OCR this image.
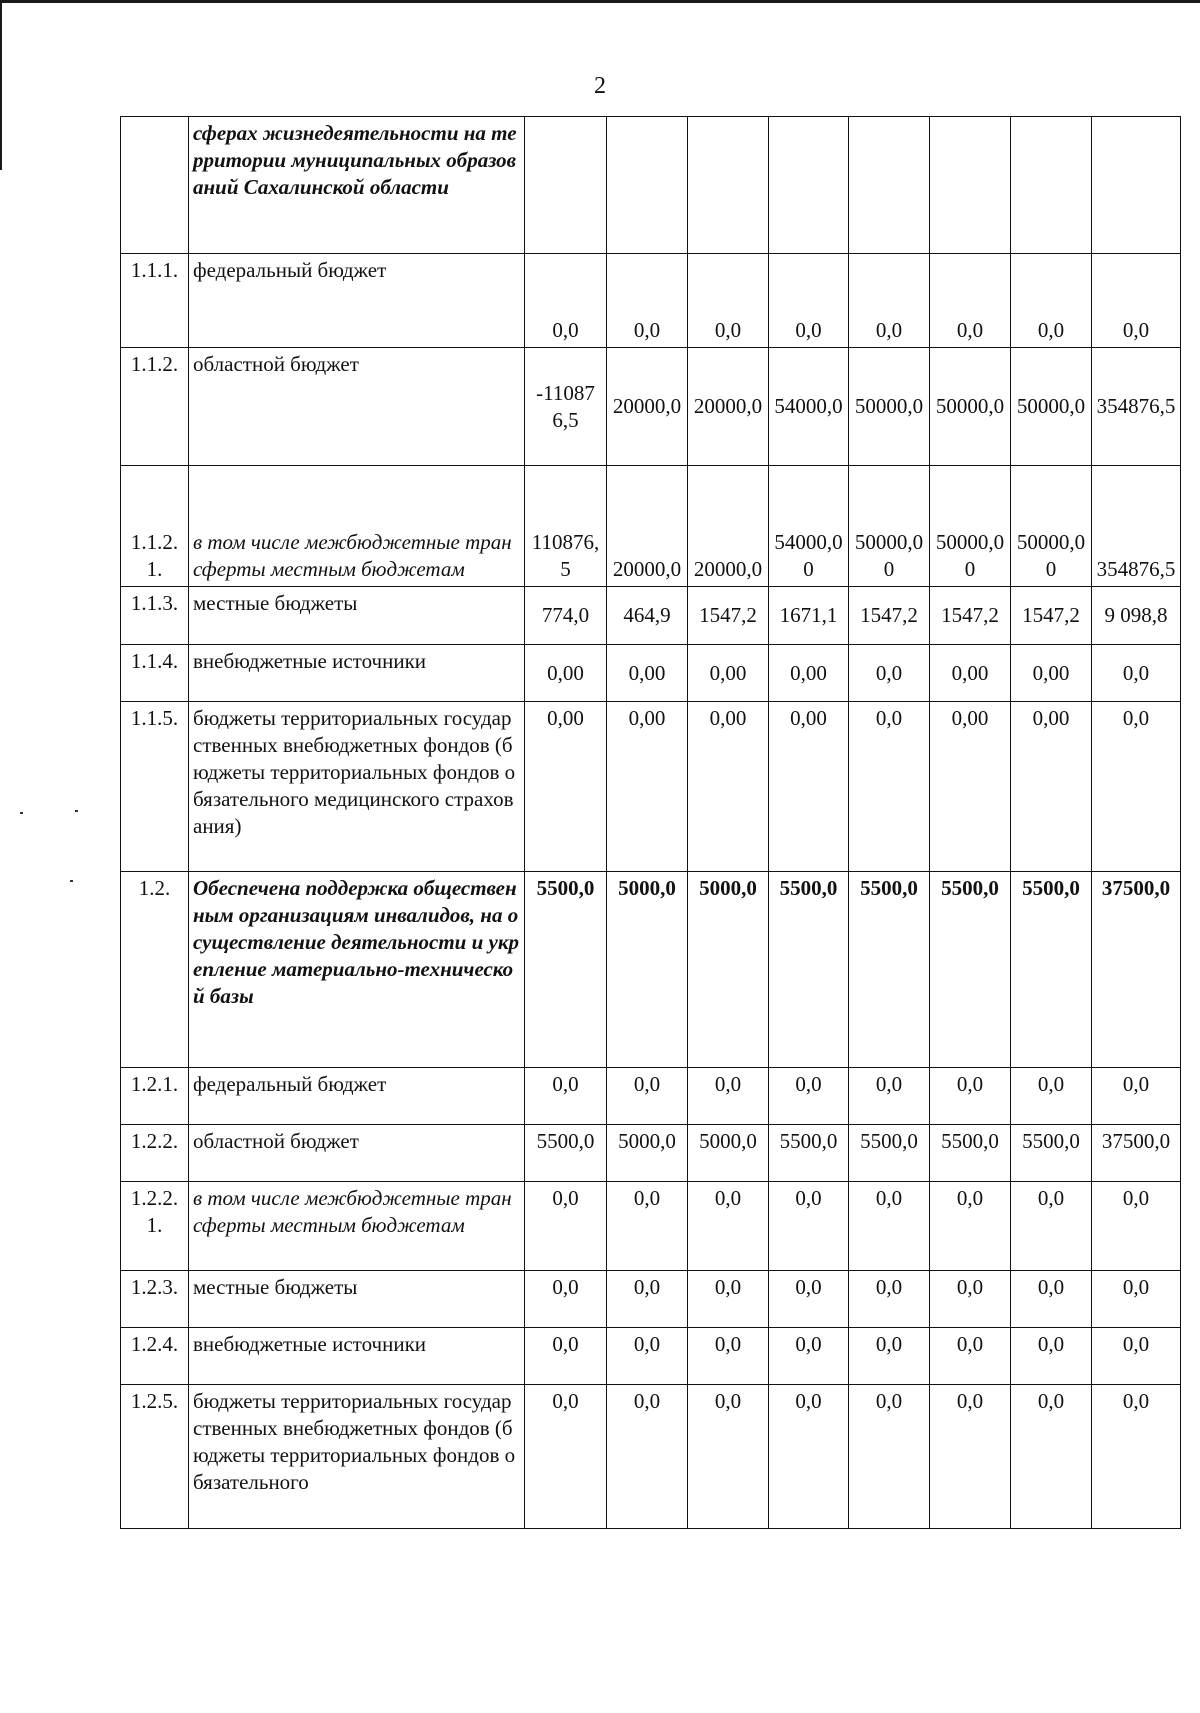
2
	сферах жизнедеятельности на территории муниципальных образований Сахалинской области								
1.1.1.	федеральный бюджет	0,0	0,0	0,0	0,0	0,0	0,0	0,0	0,0
1.1.2.	областной бюджет	-110876,5	20000,0	20000,0	54000,0	50000,0	50000,0	50000,0	354876,5
1.1.2.1.	в том числе межбюджетные трансферты местным бюджетам	110876,5	20000,0	20000,0	54000,00	50000,00	50000,00	50000,00	354876,5
1.1.3.	местные бюджеты	774,0	464,9	1547,2	1671,1	1547,2	1547,2	1547,2	9 098,8
1.1.4.	внебюджетные источники	0,00	0,00	0,00	0,00	0,0	0,00	0,00	0,0
1.1.5.	бюджеты территориальных государственных внебюджетных фондов (бюджеты территориальных фондов обязательного медицинского страхования)	0,00	0,00	0,00	0,00	0,0	0,00	0,00	0,0
1.2.	Обеспечена поддержка общественным организациям инвалидов, на осуществление деятельности и укрепление материально-технической базы	5500,0	5000,0	5000,0	5500,0	5500,0	5500,0	5500,0	37500,0
1.2.1.	федеральный бюджет	0,0	0,0	0,0	0,0	0,0	0,0	0,0	0,0
1.2.2.	областной бюджет	5500,0	5000,0	5000,0	5500,0	5500,0	5500,0	5500,0	37500,0
1.2.2.1.	в том числе межбюджетные трансферты местным бюджетам	0,0	0,0	0,0	0,0	0,0	0,0	0,0	0,0
1.2.3.	местные бюджеты	0,0	0,0	0,0	0,0	0,0	0,0	0,0	0,0
1.2.4.	внебюджетные источники	0,0	0,0	0,0	0,0	0,0	0,0	0,0	0,0
1.2.5.	бюджеты территориальных государственных внебюджетных фондов (бюджеты территориальных фондов обязательного	0,0	0,0	0,0	0,0	0,0	0,0	0,0	0,0
